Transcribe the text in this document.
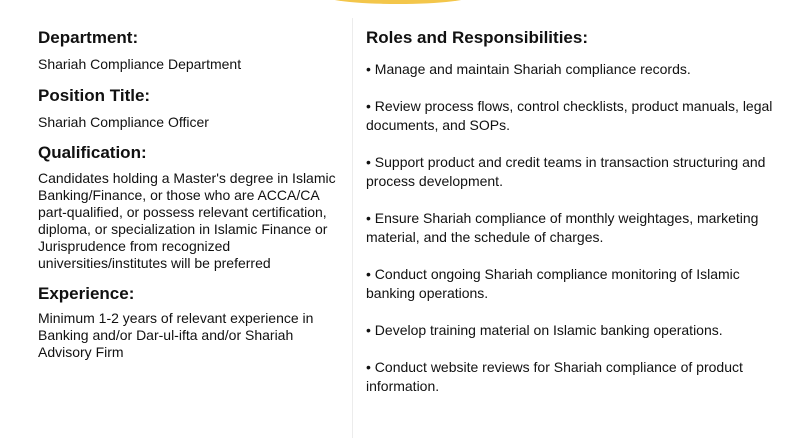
Department:

Shariah Compliance Department

Position Title:

Shariah Compliance Officer

Qualification:

Candidates holding a Master's degree in Islamic Banking/Finance, or those who are ACCA/CA part-qualified, or possess relevant certification, diploma, or specialization in Islamic Finance or Jurisprudence from recognized universities/institutes will be preferred

Experience:

Minimum 1-2 years of relevant experience in Banking and/or Dar-ul-ifta and/or Shariah Advisory Firm

Roles and Responsibilities:

• Manage and maintain Shariah compliance records.
• Review process flows, control checklists, product manuals, legal documents, and SOPs.
• Support product and credit teams in transaction structuring and process development.
• Ensure Shariah compliance of monthly weightages, marketing material, and the schedule of charges.
• Conduct ongoing Shariah compliance monitoring of Islamic banking operations.
• Develop training material on Islamic banking operations.
• Conduct website reviews for Shariah compliance of product information.
